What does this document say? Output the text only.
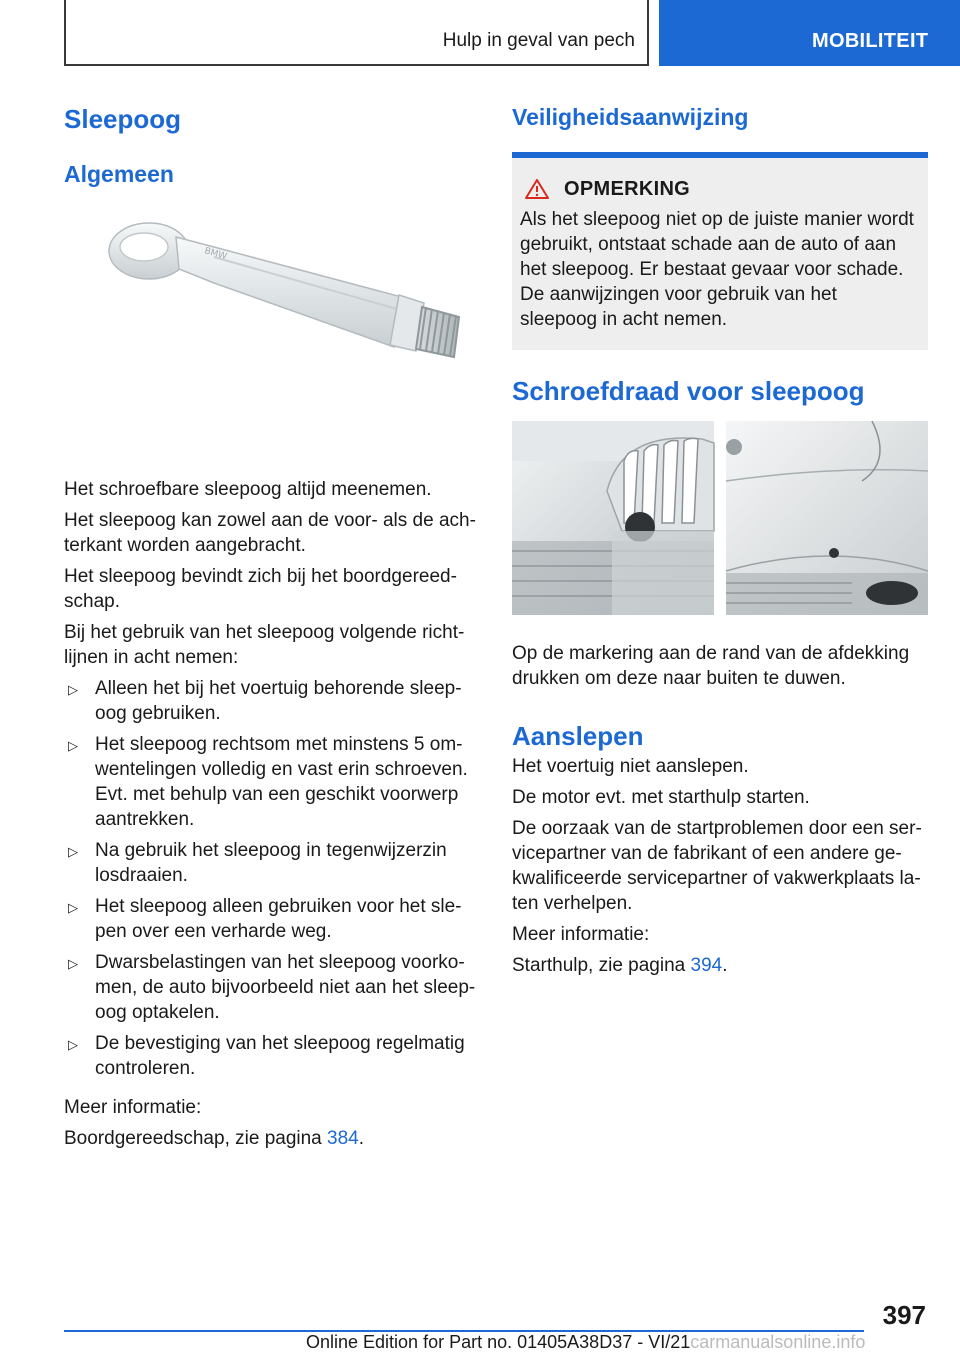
Hulp in geval van pech	MOBILITEIT
Sleepoog
Algemeen
BMW

Het schroefbare sleepoog altijd meenemen.

Het sleepoog kan zowel aan de voor- als de ach-terkant worden aangebracht.

Het sleepoog bevindt zich bij het boordgereed-schap.

Bij het gebruik van het sleepoog volgende richt-lijnen in acht nemen:

▷ Alleen het bij het voertuig behorende sleep-oog gebruiken.
▷ Het sleepoog rechtsom met minstens 5 om-wentelingen volledig en vast erin schroeven. Evt. met behulp van een geschikt voorwerp aantrekken.
▷ Na gebruik het sleepoog in tegenwijzerzin losdraaien.
▷ Het sleepoog alleen gebruiken voor het sle-pen over een verharde weg.
▷ Dwarsbelastingen van het sleepoog voorko-men, de auto bijvoorbeeld niet aan het sleep-oog optakelen.
▷ De bevestiging van het sleepoog regelmatig controleren.

Meer informatie:

Boordgereedschap, zie pagina 384.

Veiligheidsaanwijzing
OPMERKING

Als het sleepoog niet op de juiste manier wordt gebruikt, ontstaat schade aan de auto of aan het sleepoog. Er bestaat gevaar voor schade. De aanwijzingen voor gebruik van het sleepoog in acht nemen.

Schroefdraad voor sleepoog

Op de markering aan de rand van de afdekking drukken om deze naar buiten te duwen.

Aanslepen

Het voertuig niet aanslepen.

De motor evt. met starthulp starten.

De oorzaak van de startproblemen door een ser-vicepartner van de fabrikant of een andere ge-kwalificeerde servicepartner of vakwerkplaats la-ten verhelpen.

Meer informatie:

Starthulp, zie pagina 394.

397
Online Edition for Part no. 01405A38D37 - VI/21carmanualsonline.info
